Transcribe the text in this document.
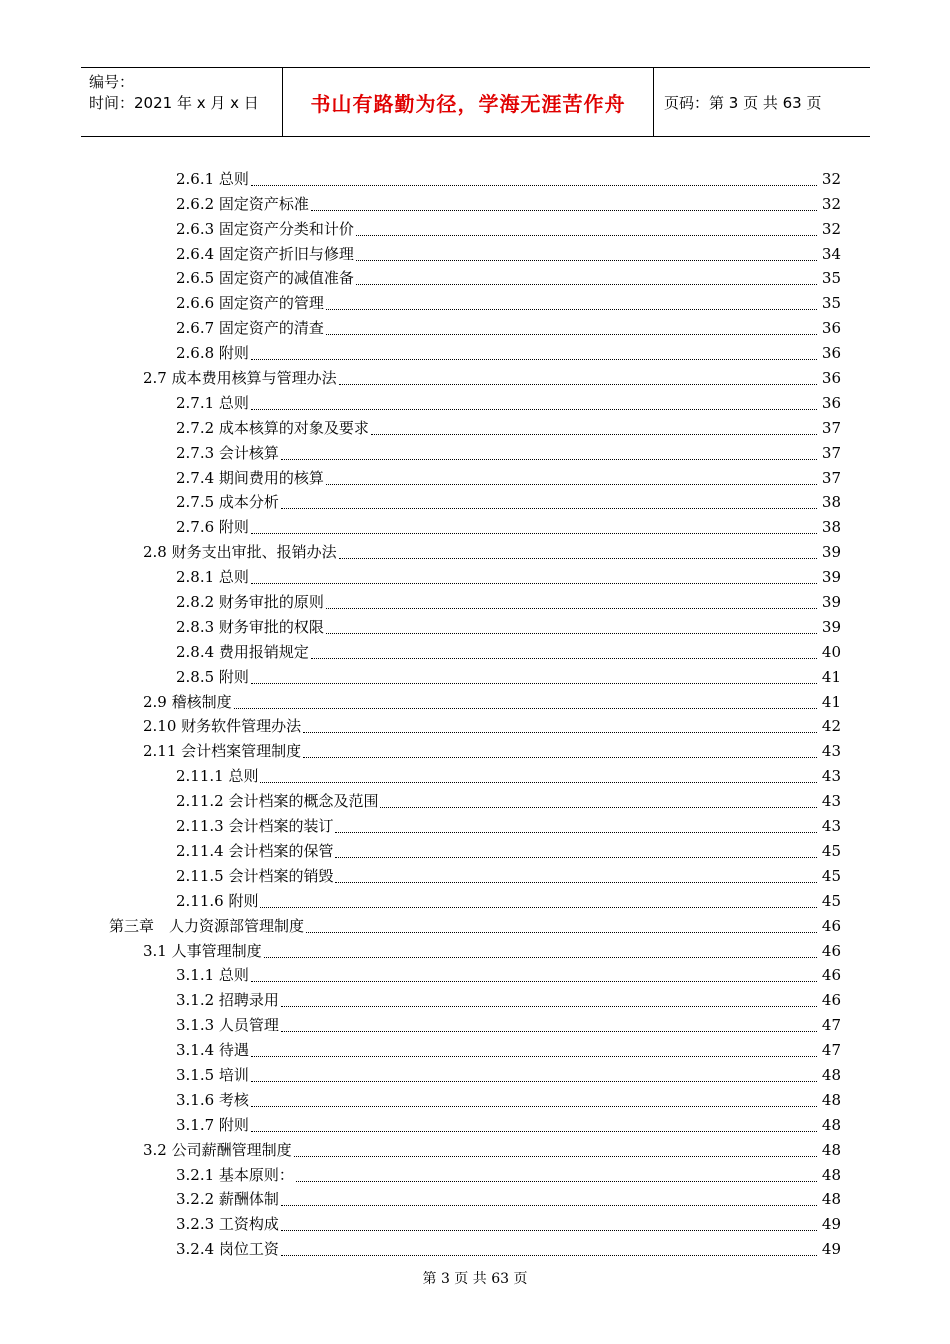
编号：
时间：2021 年 x 月 x 日	书山有路勤为径，学海无涯苦作舟	页码：第 3 页 共 63 页
2.6.1 总则	32
2.6.2 固定资产标准	32
2.6.3 固定资产分类和计价	32
2.6.4 固定资产折旧与修理	34
2.6.5 固定资产的减值准备	35
2.6.6 固定资产的管理	35
2.6.7 固定资产的清查	36
2.6.8 附则	36
2.7 成本费用核算与管理办法	36
2.7.1 总则	36
2.7.2 成本核算的对象及要求	37
2.7.3 会计核算	37
2.7.4 期间费用的核算	37
2.7.5 成本分析	38
2.7.6 附则	38
2.8 财务支出审批、报销办法	39
2.8.1 总则	39
2.8.2 财务审批的原则	39
2.8.3 财务审批的权限	39
2.8.4 费用报销规定	40
2.8.5 附则	41
2.9 稽核制度	41
2.10 财务软件管理办法	42
2.11 会计档案管理制度	43
2.11.1 总则	43
2.11.2 会计档案的概念及范围	43
2.11.3 会计档案的装订	43
2.11.4 会计档案的保管	45
2.11.5 会计档案的销毁	45
2.11.6 附则	45
第三章　人力资源部管理制度	46
3.1 人事管理制度	46
3.1.1 总则	46
3.1.2 招聘录用	46
3.1.3 人员管理	47
3.1.4 待遇	47
3.1.5 培训	48
3.1.6 考核	48
3.1.7 附则	48
3.2 公司薪酬管理制度	48
3.2.1 基本原则：	48
3.2.2 薪酬体制	48
3.2.3 工资构成	49
3.2.4 岗位工资	49
第 3 页 共 63 页
